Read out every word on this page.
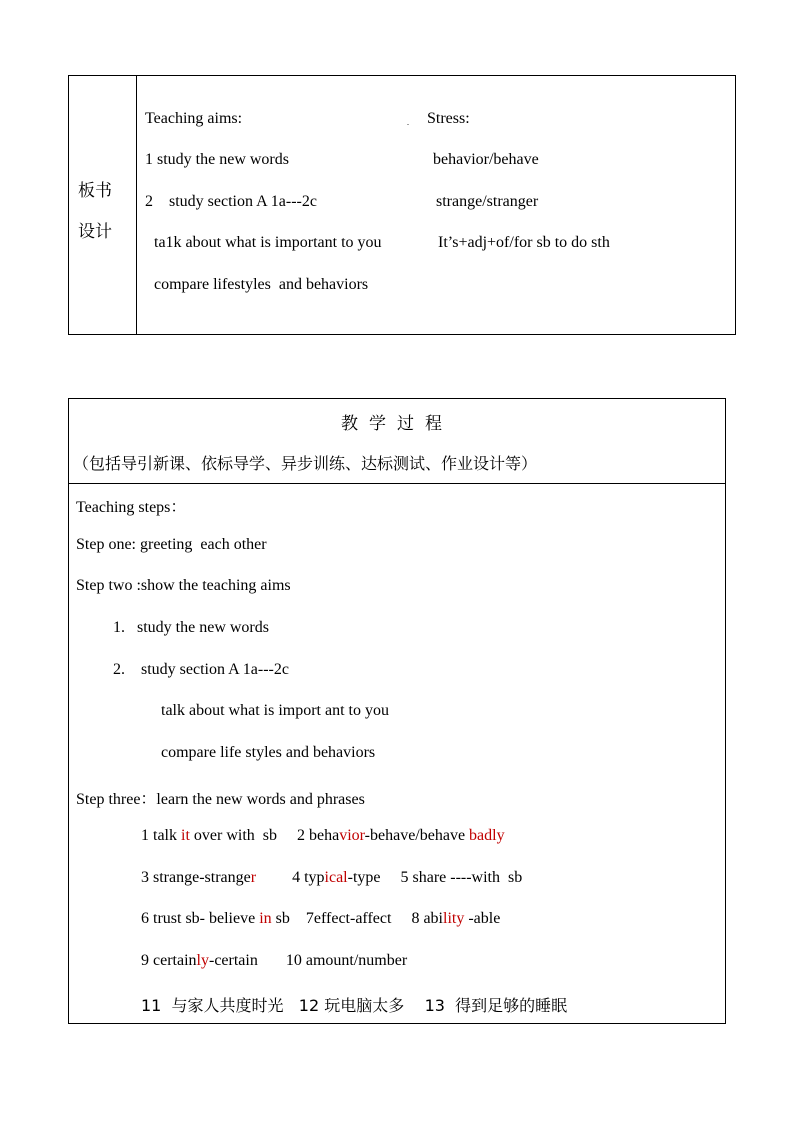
板书
设计
Teaching aims:	. Stress:
1 study the new words	behavior/behave
2    study section A 1a---2c	strange/stranger
ta1k about what is important to you	It’s+adj+of/for sb to do sth
compare lifestyles  and behaviors
教学过程
（包括导引新课、依标导学、异步训练、达标测试、作业设计等）
Teaching steps：
Step one: greeting  each other
Step two :show the teaching aims
1.   study the new words
2.    study section A 1a---2c
talk about what is import ant to you
compare life styles and behaviors
Step three：learn the new words and phrases
1 talk it over with  sb     2 behavior-behave/behave badly
3 strange-stranger         4 typical-type     5 share ----with  sb
6 trust sb- believe in sb    7effect-affect     8 ability -able
9 certainly-certain       10 amount/number
11  与家人共度时光   12 玩电脑太多    13  得到足够的睡眠
